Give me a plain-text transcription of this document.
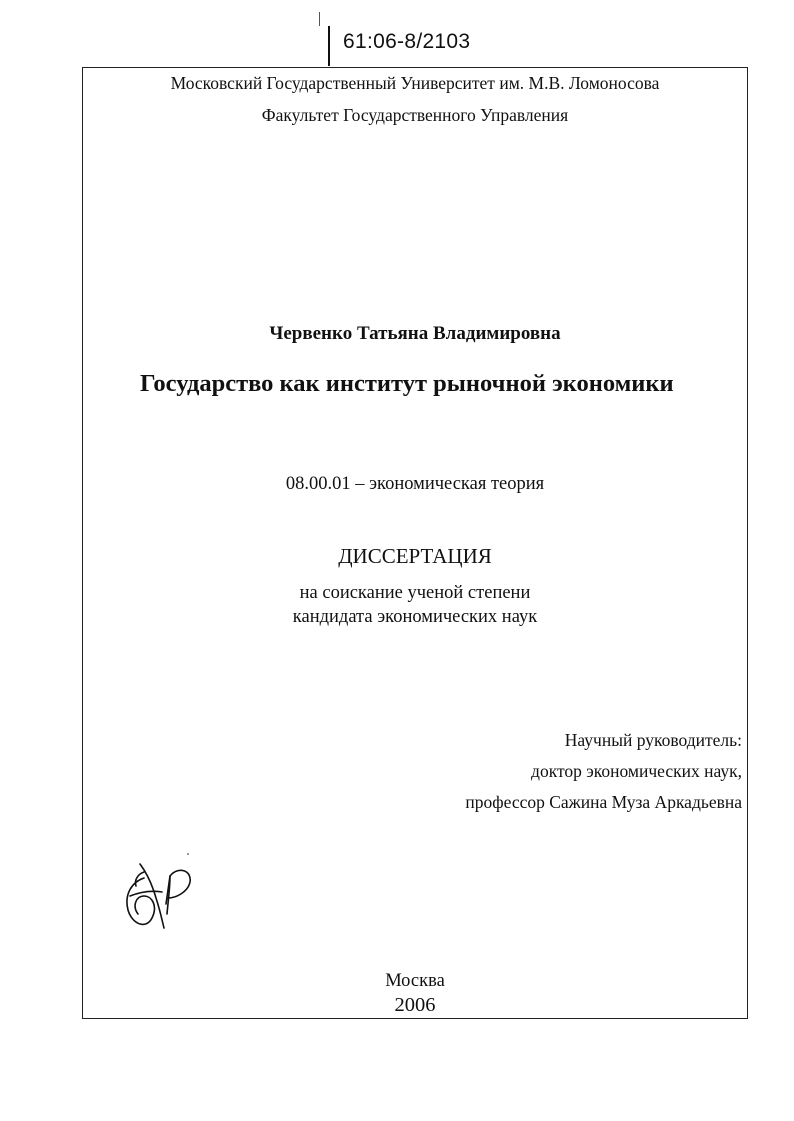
61:06-8/2103
Московский Государственный Университет им. М.В. Ломоносова
Факультет Государственного Управления
Червенко Татьяна Владимировна
Государство как институт рыночной экономики
08.00.01 – экономическая теория
ДИССЕРТАЦИЯ
на соискание ученой степени
кандидата экономических наук
Научный руководитель:
доктор экономических наук,
профессор Сажина Муза Аркадьевна
Москва
2006
